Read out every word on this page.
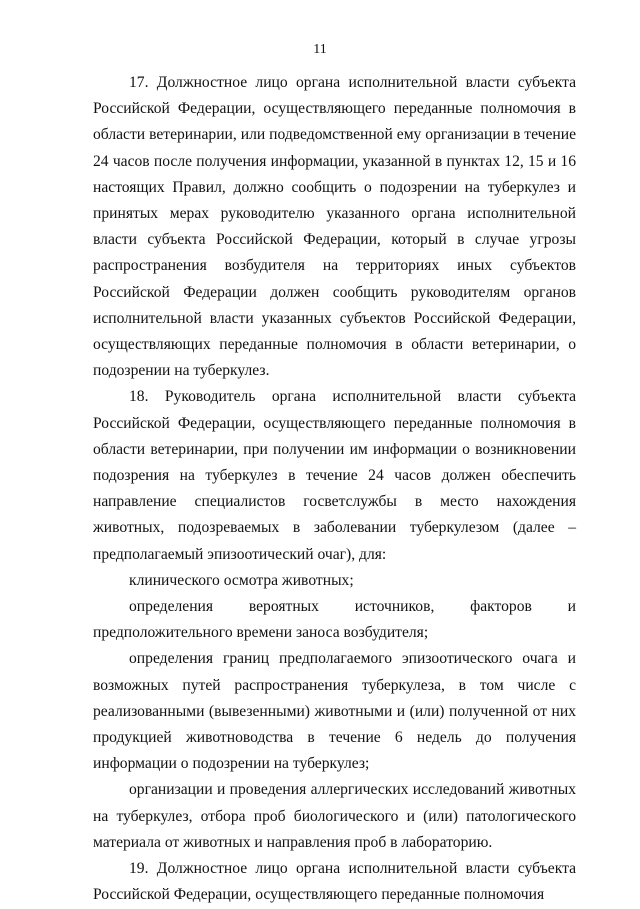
11

17. Должностное лицо органа исполнительной власти субъекта Российской Федерации, осуществляющего переданные полномочия в области ветеринарии, или подведомственной ему организации в течение 24 часов после получения информации, указанной в пунктах 12, 15 и 16 настоящих Правил, должно сообщить о подозрении на туберкулез и принятых мерах руководителю указанного органа исполнительной власти субъекта Российской Федерации, который в случае угрозы распространения возбудителя на территориях иных субъектов Российской Федерации должен сообщить руководителям органов исполнительной власти указанных субъектов Российской Федерации, осуществляющих переданные полномочия в области ветеринарии, о подозрении на туберкулез.

18. Руководитель органа исполнительной власти субъекта Российской Федерации, осуществляющего переданные полномочия в области ветеринарии, при получении им информации о возникновении подозрения на туберкулез в течение 24 часов должен обеспечить направление специалистов госветслужбы в место нахождения животных, подозреваемых в заболевании туберкулезом (далее – предполагаемый эпизоотический очаг), для:

клинического осмотра животных;

определения вероятных источников, факторов и предположительного времени заноса возбудителя;

определения границ предполагаемого эпизоотического очага и возможных путей распространения туберкулеза, в том числе с реализованными (вывезенными) животными и (или) полученной от них продукцией животноводства в течение 6 недель до получения информации о подозрении на туберкулез;

организации и проведения аллергических исследований животных на туберкулез, отбора проб биологического и (или) патологического материала от животных и направления проб в лабораторию.

19. Должностное лицо органа исполнительной власти субъекта Российской Федерации, осуществляющего переданные полномочия
